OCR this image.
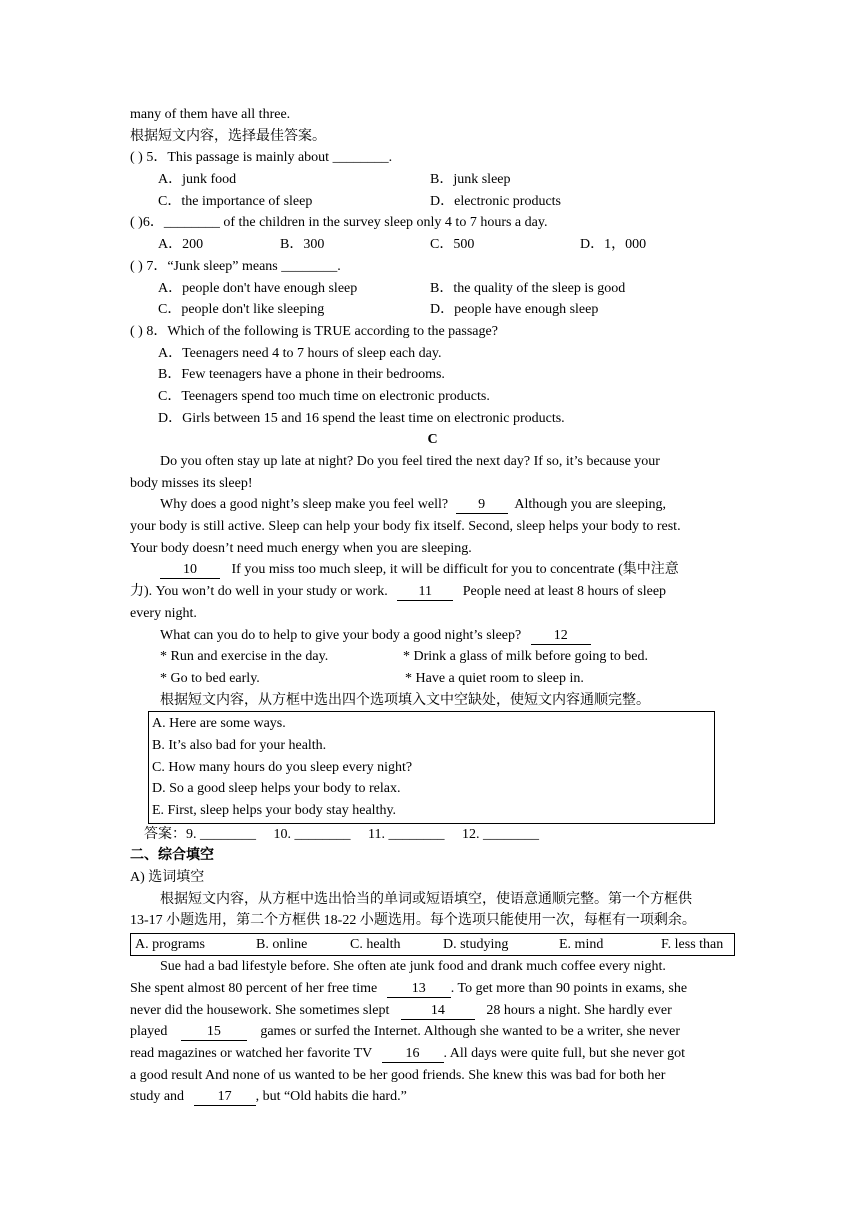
many of them have all three.
根据短文内容，选择最佳答案。
( ) 5．This passage is mainly about ________.
A．junk food	B．junk sleep
C．the importance of sleep	D．electronic products
( )6．________ of the children in the survey sleep only 4 to 7 hours a day.
A．200	B．300	C．500	D．1，000
( ) 7．“Junk sleep” means ________.
A．people don't have enough sleep	B．the quality of the sleep is good
C．people don't like sleeping	D．people have enough sleep
( ) 8．Which of the following is TRUE according to the passage?
A．Teenagers need 4 to 7 hours of sleep each day.
B．Few teenagers have a phone in their bedrooms.
C．Teenagers spend too much time on electronic products.
D．Girls between 15 and 16 spend the least time on electronic products.
C
Do you often stay up late at night? Do you feel tired the next day? If so, it’s because your
body misses its sleep!
Why does a good night’s sleep make you feel well? 9 Although you are sleeping,
your body is still active. Sleep can help your body fix itself. Second, sleep helps your body to rest.
Your body doesn’t need much energy when you are sleeping.
10 If you miss too much sleep, it will be difficult for you to concentrate (集中注意
力). You won’t do well in your study or work. 11 People need at least 8 hours of sleep
every night.
What can you do to help to give your body a good night’s sleep? 12
* Run and exercise in the day.	* Drink a glass of milk before going to bed.
* Go to bed early.	* Have a quiet room to sleep in.
根据短文内容，从方框中选出四个选项填入文中空缺处，使短文内容通顺完整。
A. Here are some ways.
B. It’s also bad for your health.
C. How many hours do you sleep every night?
D. So a good sleep helps your body to relax.
E. First, sleep helps your body stay healthy.
答案：9. ________ 10. ________ 11. ________ 12. ________
二、综合填空
A) 选词填空
根据短文内容，从方框中选出恰当的单词或短语填空，使语意通顺完整。第一个方框供
13-17 小题选用，第二个方框供 18-22 小题选用。每个选项只能使用一次，每框有一项剩余。
A. programs	B. online	C. health	D. studying	E. mind	F. less than
Sue had a bad lifestyle before. She often ate junk food and drank much coffee every night.
She spent almost 80 percent of her free time 13 . To get more than 90 points in exams, she
never did the housework. She sometimes slept	14	28 hours a night. She hardly ever
played	15	games or surfed the Internet. Although she wanted to be a writer, she never
read magazines or watched her favorite TV 16 . All days were quite full, but she never got
a good result And none of us wanted to be her good friends. She knew this was bad for both her
study and 17 , but “Old habits die hard.”
